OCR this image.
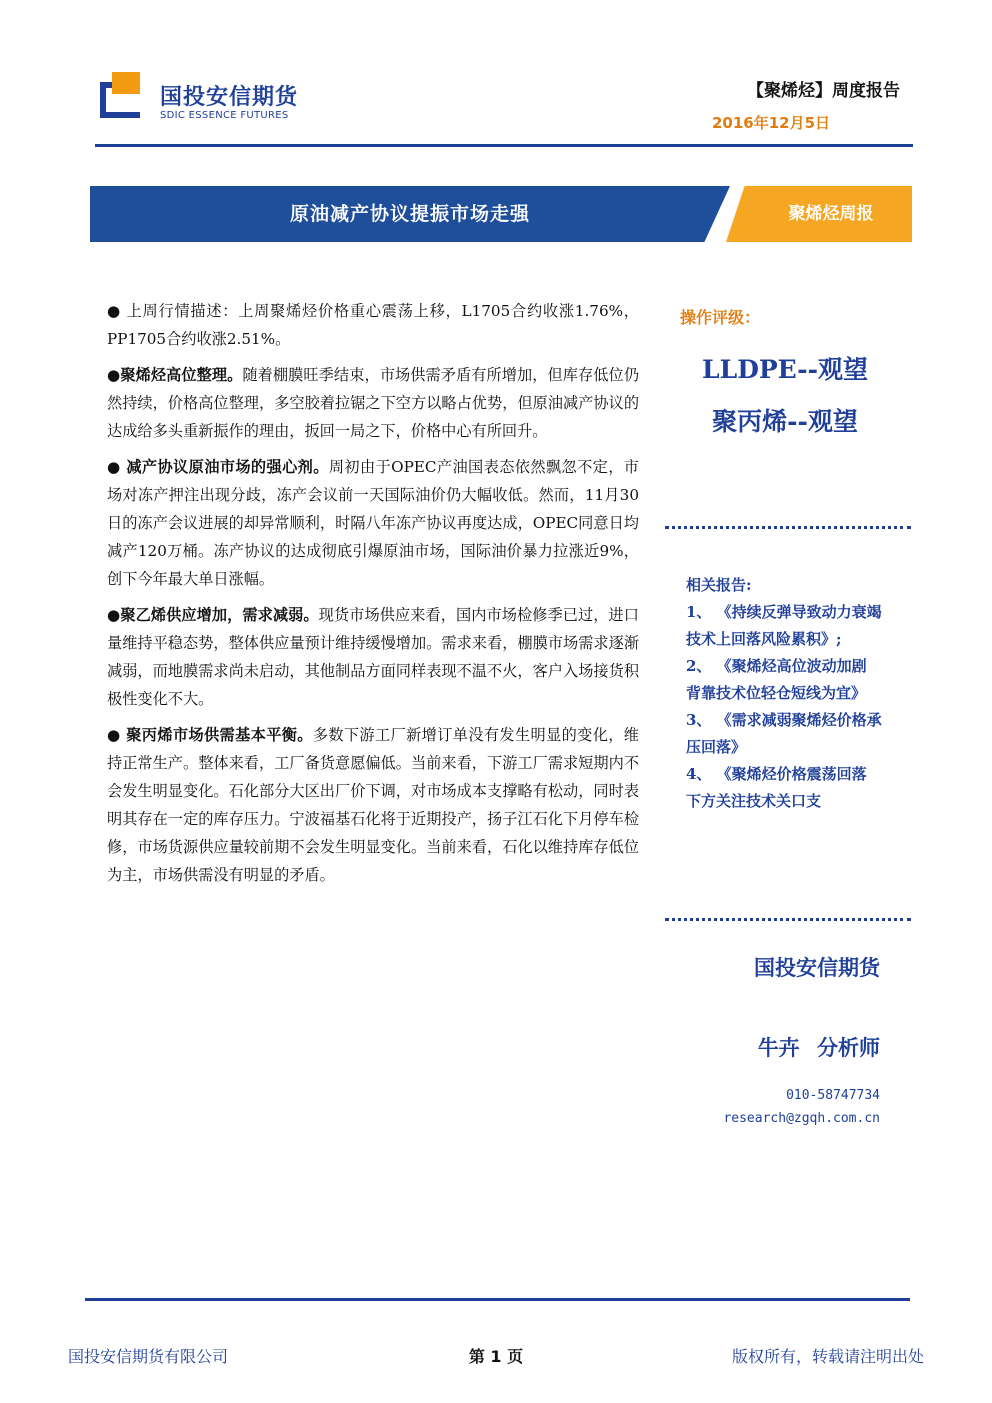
国投安信期货
SDIC ESSENCE FUTURES
【聚烯烃】周度报告
2016年12月5日
原油减产协议提振市场走强	聚烯烃周报

● 上周行情描述：上周聚烯烃价格重心震荡上移，L1705合约收涨1.76%，PP1705合约收涨2.51%。

●聚烯烃高位整理。随着棚膜旺季结束，市场供需矛盾有所增加，但库存低位仍然持续，价格高位整理，多空胶着拉锯之下空方以略占优势，但原油减产协议的达成给多头重新振作的理由，扳回一局之下，价格中心有所回升。

● 减产协议原油市场的强心剂。周初由于OPEC产油国表态依然飘忽不定，市场对冻产押注出现分歧，冻产会议前一天国际油价仍大幅收低。然而，11月30日的冻产会议进展的却异常顺利，时隔八年冻产协议再度达成，OPEC同意日均减产120万桶。冻产协议的达成彻底引爆原油市场，国际油价暴力拉涨近9%，创下今年最大单日涨幅。

●聚乙烯供应增加，需求减弱。现货市场供应来看，国内市场检修季已过，进口量维持平稳态势，整体供应量预计维持缓慢增加。需求来看，棚膜市场需求逐渐减弱，而地膜需求尚未启动，其他制品方面同样表现不温不火，客户入场接货积极性变化不大。

● 聚丙烯市场供需基本平衡。多数下游工厂新增订单没有发生明显的变化，维持正常生产。整体来看，工厂备货意愿偏低。当前来看，下游工厂需求短期内不会发生明显变化。石化部分大区出厂价下调，对市场成本支撑略有松动，同时表明其存在一定的库存压力。宁波福基石化将于近期投产，扬子江石化下月停车检修，市场货源供应量较前期不会发生明显变化。当前来看，石化以维持库存低位为主，市场供需没有明显的矛盾。

操作评级：
LLDPE--观望
聚丙烯--观望
相关报告:
1、 《持续反弹导致动力衰竭 技术上回落风险累积》;
2、 《聚烯烃高位波动加剧 背靠技术位轻仓短线为宜》
3、 《需求减弱聚烯烃价格承压回落》
4、 《聚烯烃价格震荡回落 下方关注技术关口支
国投安信期货
牛卉 分析师
010-58747734
research@zgqh.com.cn
国投安信期货有限公司	第 1 页	版权所有，转载请注明出处
